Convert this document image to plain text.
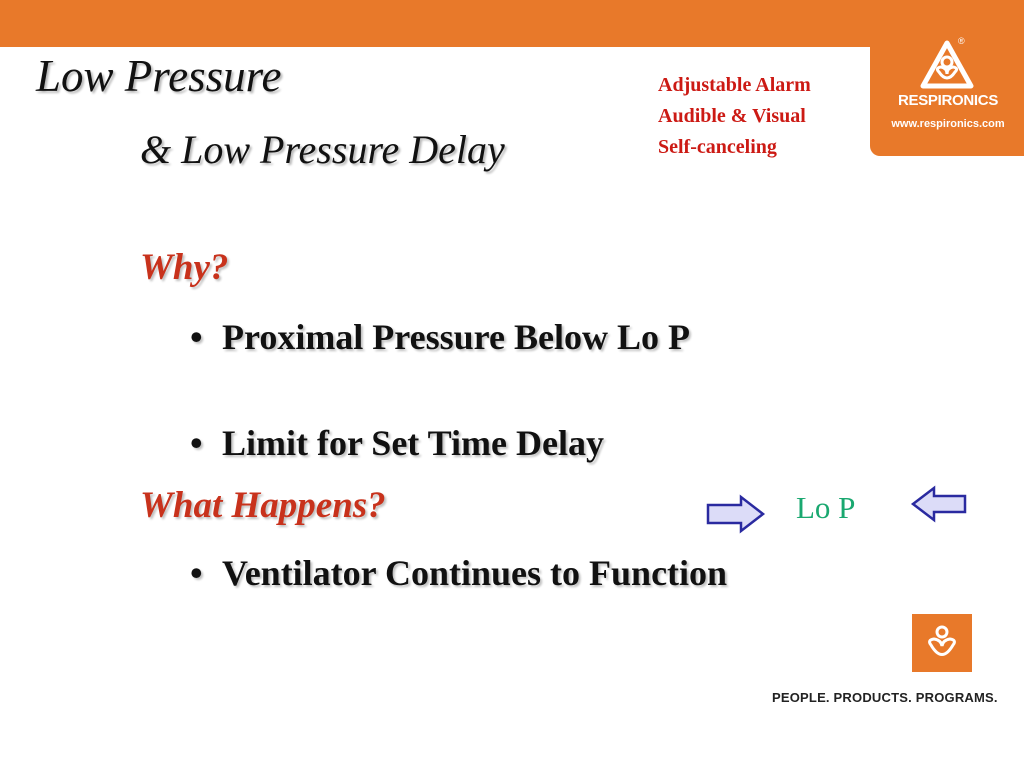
®
RESPIRONICS
www.respironics.com
Low Pressure
& Low Pressure Delay
Adjustable Alarm
Audible & Visual
Self-canceling
Why?
• Proximal Pressure Below Lo P
• Limit for Set Time Delay
What Happens?
• Ventilator Continues to Function
Lo P
PEOPLE. PRODUCTS. PROGRAMS.
